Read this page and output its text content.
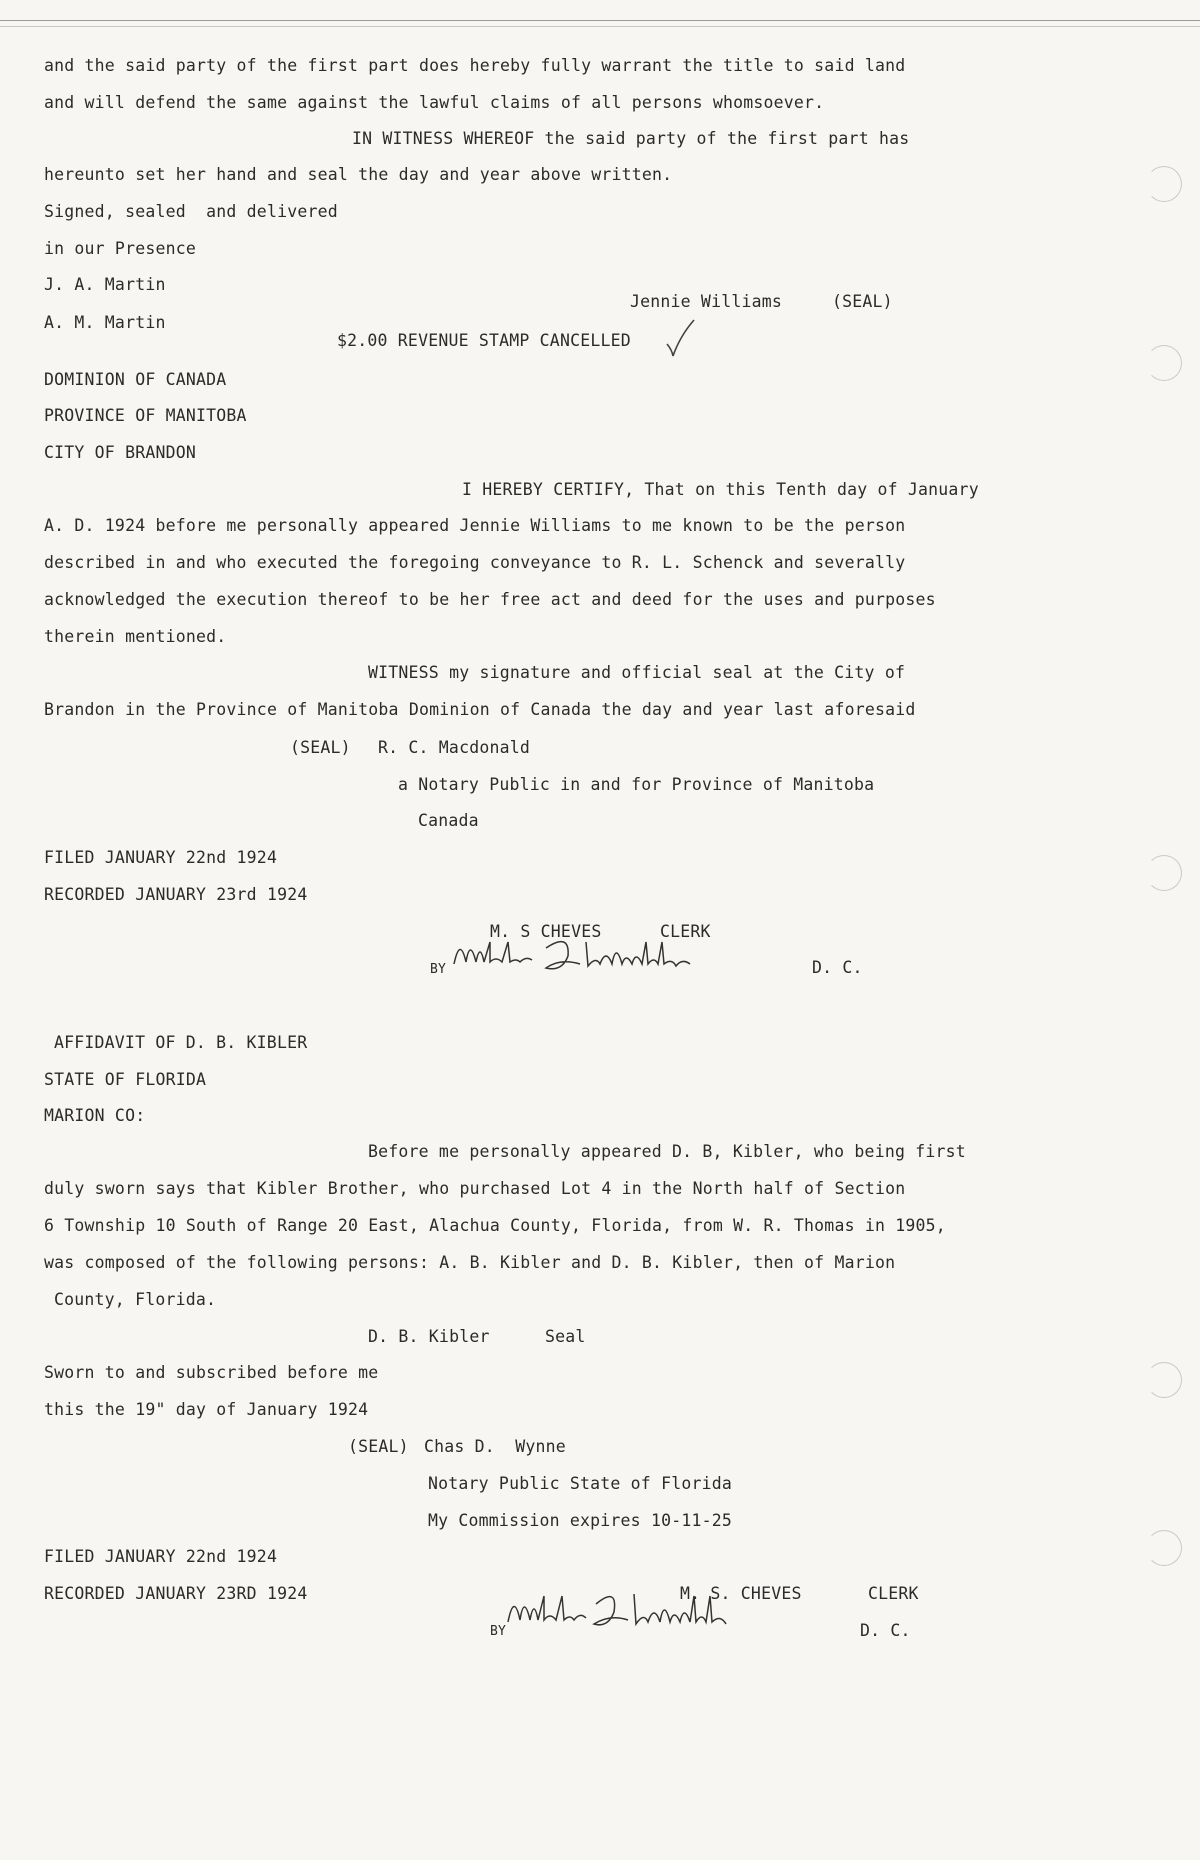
and the said party of the first part does hereby fully warrant the title to said land
and will defend the same against the lawful claims of all persons whomsoever.
IN WITNESS WHEREOF the said party of the first part has
hereunto set her hand and seal the day and year above written.
Signed, sealed  and delivered
in our Presence
J. A. Martin
A. M. Martin
Jennie Williams	(SEAL)
$2.00 REVENUE STAMP CANCELLED
DOMINION OF CANADA
PROVINCE OF MANITOBA
CITY OF BRANDON
I HEREBY CERTIFY, That on this Tenth day of January
A. D. 1924 before me personally appeared Jennie Williams to me known to be the person
described in and who executed the foregoing conveyance to R. L. Schenck and severally
acknowledged the execution thereof to be her free act and deed for the uses and purposes
therein mentioned.
WITNESS my signature and official seal at the City of
Brandon in the Province of Manitoba Dominion of Canada the day and year last aforesaid
(SEAL) R. C. Macdonald
a Notary Public in and for Province of Manitoba
Canada
FILED JANUARY 22nd 1924
RECORDED JANUARY 23rd 1924
M. S CHEVES	CLERK
BY	D. C.
AFFIDAVIT OF D. B. KIBLER
STATE OF FLORIDA
MARION CO:
Before me personally appeared D. B, Kibler, who being first
duly sworn says that Kibler Brother, who purchased Lot 4 in the North half of Section
6 Township 10 South of Range 20 East, Alachua County, Florida, from W. R. Thomas in 1905,
was composed of the following persons: A. B. Kibler and D. B. Kibler, then of Marion
County, Florida.
D. B. Kibler	Seal
Sworn to and subscribed before me
this the 19" day of January 1924
(SEAL) Chas D.  Wynne
Notary Public State of Florida
My Commission expires 10-11-25
FILED JANUARY 22nd 1924
RECORDED JANUARY 23RD 1924	M. S. CHEVES	CLERK
BY	D. C.
